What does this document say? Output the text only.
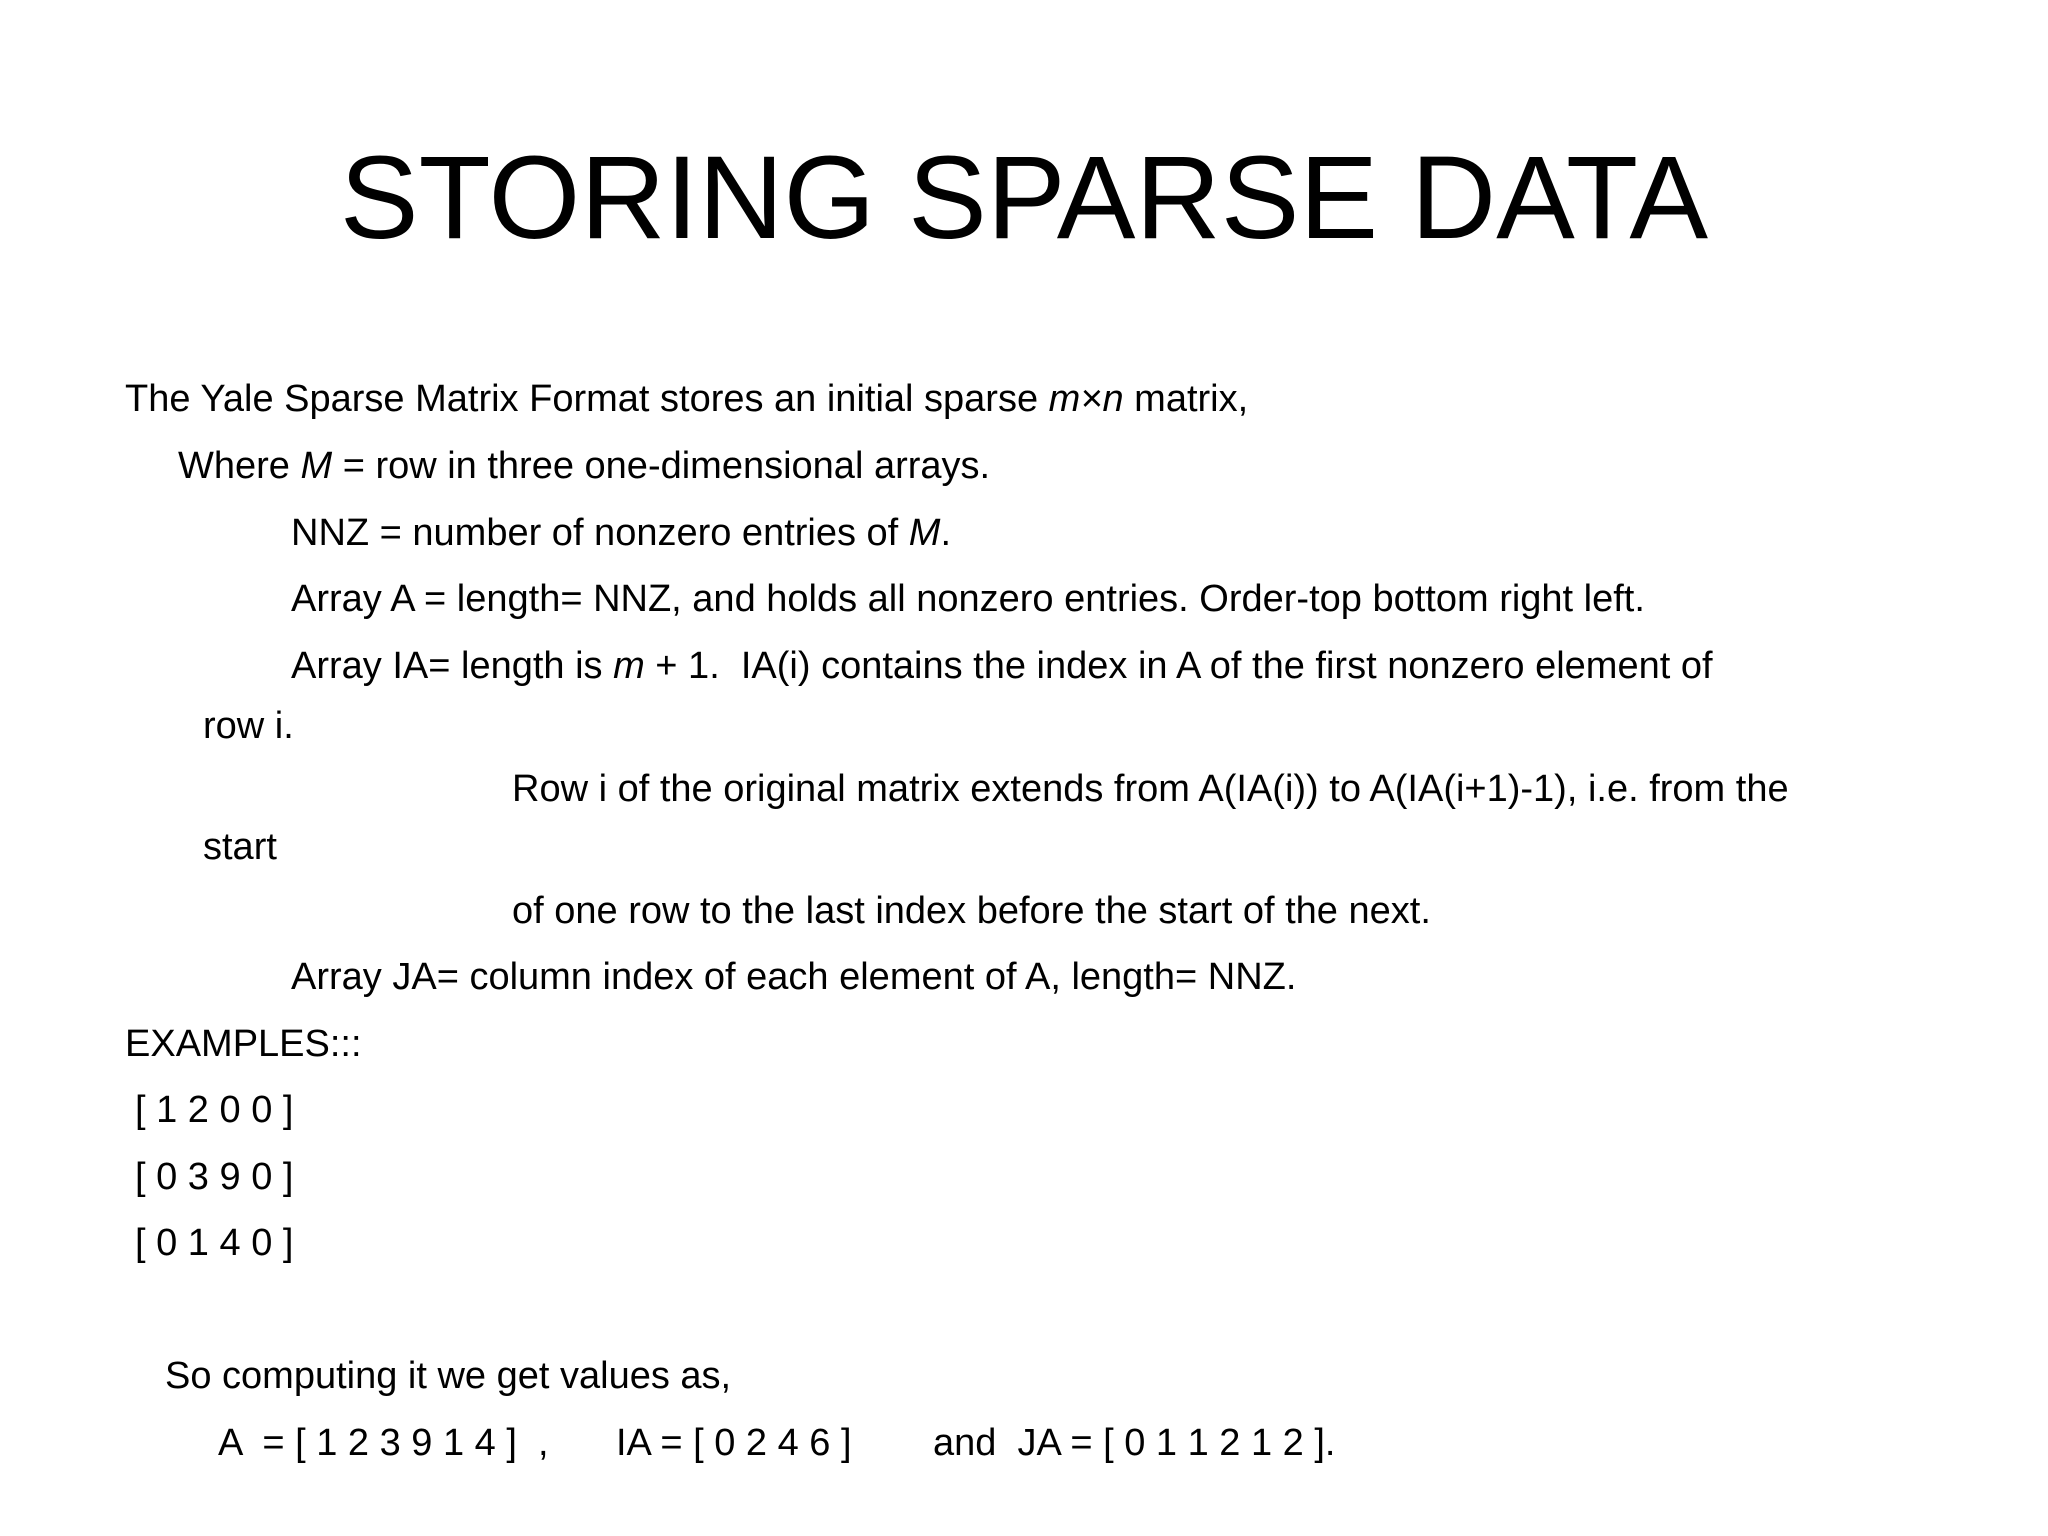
STORING SPARSE DATA
The Yale Sparse Matrix Format stores an initial sparse m×n matrix,
Where M = row in three one-dimensional arrays.
NNZ = number of nonzero entries of M.
Array A = length= NNZ, and holds all nonzero entries. Order-top bottom right left.
Array IA= length is m + 1.  IA(i) contains the index in A of the first nonzero element of
row i.
Row i of the original matrix extends from A(IA(i)) to A(IA(i+1)-1), i.e. from the
start
of one row to the last index before the start of the next.
Array JA= column index of each element of A, length= NNZ.
EXAMPLES:::
[ 1 2 0 0 ]
[ 0 3 9 0 ]
[ 0 1 4 0 ]
So computing it we get values as,
A  = [ 1 2 3 9 1 4 ]  , IA = [ 0 2 4 6 ] and  JA = [ 0 1 1 2 1 2 ].
